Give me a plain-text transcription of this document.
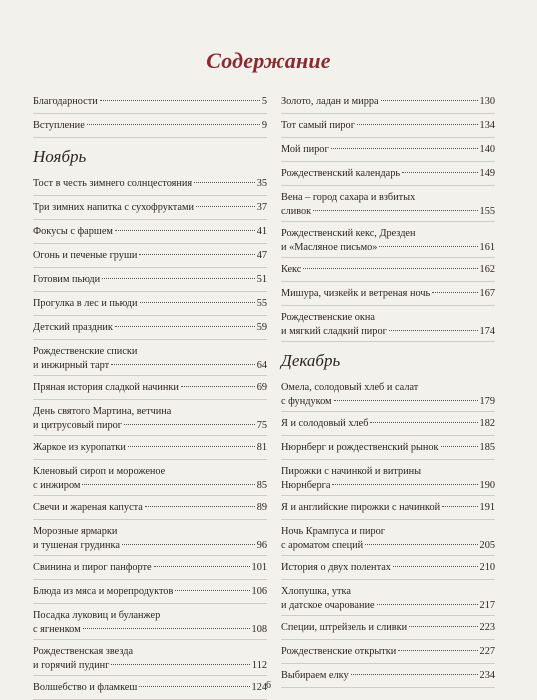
Содержание
Благодарности	5
Вступление	9
Ноябрь
Тост в честь зимнего солнцестояния	35
Три зимних напитка с сухофруктами	37
Фокусы с фаршем	41
Огонь и печеные груши	47
Готовим пьюди	51
Прогулка в лес и пьюди	55
Детский праздник	59
Рождественские списки
и инжирный тарт	64
Пряная история сладкой начинки	69
День святого Мартина, ветчина
и цитрусовый пирог	75
Жаркое из куропатки	81
Кленовый сироп и мороженое
с инжиром	85
Свечи и жареная капуста	89
Морозные ярмарки
и тушеная грудинка	96
Свинина и пирог панфорте	101
Блюда из мяса и морепродуктов	106
Посадка луковиц и буланжер
с ягненком	108
Рождественская звезда
и горячий пудинг	112
Волшебство и фламкеш	124
Золото, ладан и мирра	130
Тот самый пирог	134
Мой пирог	140
Рождественский календарь	149
Вена – город сахара и взбитых
сливок	155
Рождественский кекс, Дрезден
и «Масляное письмо»	161
Кекс	162
Мишура, чизкейк и ветреная ночь	167
Рождественские окна
и мягкий сладкий пирог	174
Декабрь
Омела, солодовый хлеб и салат
с фундуком	179
Я и солодовый хлеб	182
Нюрнберг и рождественский рынок	185
Пирожки с начинкой и витрины
Нюрнберга	190
Я и английские пирожки с начинкой	191
Ночь Крампуса и пирог
с ароматом специй	205
История о двух полентах	210
Хлопушка, утка
и датское очарование	217
Специи, штрейзель и сливки	223
Рождественские открытки	227
Выбираем елку	234
6
